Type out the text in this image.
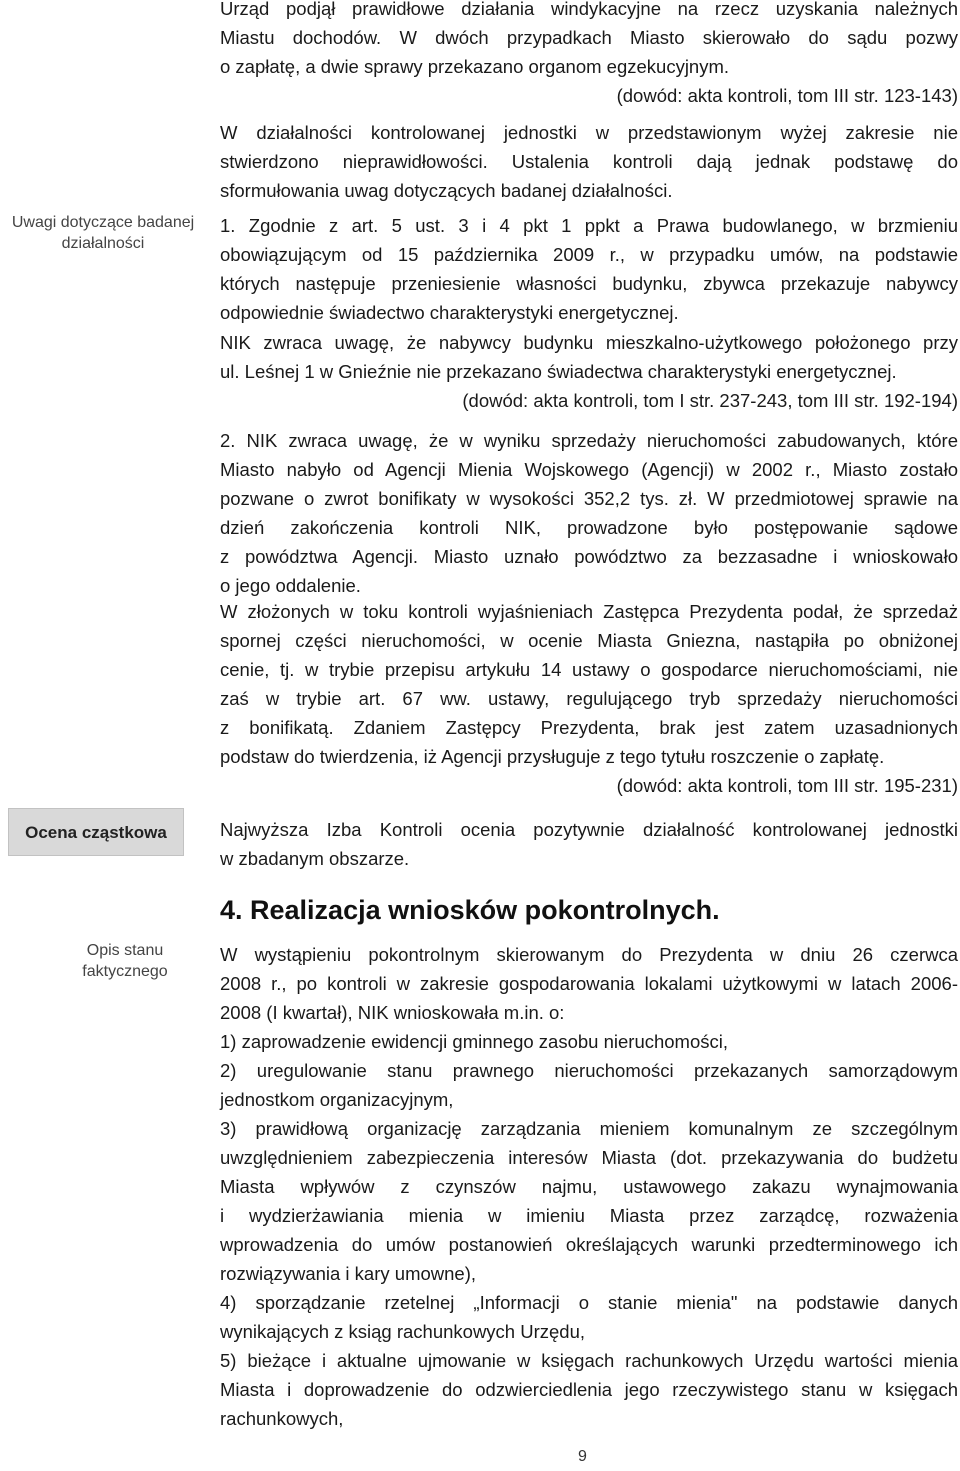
Uwagi dotyczące badanej działalności
Ocena cząstkowa
Opis stanu faktycznego
Urząd podjął prawidłowe działania windykacyjne na rzecz uzyskania należnych
Miastu dochodów. W dwóch przypadkach Miasto skierowało do sądu pozwy
o zapłatę, a dwie sprawy przekazano organom egzekucyjnym.
(dowód: akta kontroli, tom III str. 123-143)
W działalności kontrolowanej jednostki w przedstawionym wyżej zakresie nie
stwierdzono nieprawidłowości. Ustalenia kontroli dają jednak podstawę do
sformułowania uwag dotyczących badanej działalności.
1. Zgodnie z art. 5 ust. 3 i 4 pkt 1 ppkt a Prawa budowlanego, w brzmieniu
obowiązującym od 15 października 2009 r., w przypadku umów, na podstawie
których następuje przeniesienie własności budynku, zbywca przekazuje nabywcy
odpowiednie świadectwo charakterystyki energetycznej.
NIK zwraca uwagę, że nabywcy budynku mieszkalno-użytkowego położonego przy
ul. Leśnej 1 w Gnieźnie nie przekazano świadectwa charakterystyki energetycznej.
(dowód: akta kontroli, tom I str. 237-243, tom III str. 192-194)
2. NIK zwraca uwagę, że w wyniku sprzedaży nieruchomości zabudowanych, które
Miasto nabyło od Agencji Mienia Wojskowego (Agencji) w 2002 r., Miasto zostało
pozwane o zwrot bonifikaty w wysokości 352,2 tys. zł. W przedmiotowej sprawie na
dzień zakończenia kontroli NIK, prowadzone było postępowanie sądowe
z powództwa Agencji. Miasto uznało powództwo za bezzasadne i wnioskowało
o jego oddalenie.
W złożonych w toku kontroli wyjaśnieniach Zastępca Prezydenta podał, że sprzedaż
spornej części nieruchomości, w ocenie Miasta Gniezna, nastąpiła po obniżonej
cenie, tj. w trybie przepisu artykułu 14 ustawy o gospodarce nieruchomościami, nie
zaś w trybie art. 67 ww. ustawy, regulującego tryb sprzedaży nieruchomości
z bonifikatą. Zdaniem Zastępcy Prezydenta, brak jest zatem uzasadnionych
podstaw do twierdzenia, iż Agencji przysługuje z tego tytułu roszczenie o zapłatę.
(dowód: akta kontroli, tom III str. 195-231)
Najwyższa Izba Kontroli ocenia pozytywnie działalność kontrolowanej jednostki
w zbadanym obszarze.
4. Realizacja wniosków pokontrolnych.
W wystąpieniu pokontrolnym skierowanym do Prezydenta w dniu 26 czerwca
2008 r., po kontroli w zakresie gospodarowania lokalami użytkowymi w latach 2006-
2008 (I kwartał), NIK wnioskowała m.in. o:
1) zaprowadzenie ewidencji gminnego zasobu nieruchomości,
2) uregulowanie stanu prawnego nieruchomości przekazanych samorządowym
jednostkom organizacyjnym,
3) prawidłową organizację zarządzania mieniem komunalnym ze szczególnym
uwzględnieniem zabezpieczenia interesów Miasta (dot. przekazywania do budżetu
Miasta wpływów z czynszów najmu, ustawowego zakazu wynajmowania
i wydzierżawiania mienia w imieniu Miasta przez zarządcę, rozważenia
wprowadzenia do umów postanowień określających warunki przedterminowego ich
rozwiązywania i kary umowne),
4) sporządzanie rzetelnej „Informacji o stanie mienia" na podstawie danych
wynikających z ksiąg rachunkowych Urzędu,
5) bieżące i aktualne ujmowanie w księgach rachunkowych Urzędu wartości mienia
Miasta i doprowadzenie do odzwierciedlenia jego rzeczywistego stanu w księgach
rachunkowych,
9
